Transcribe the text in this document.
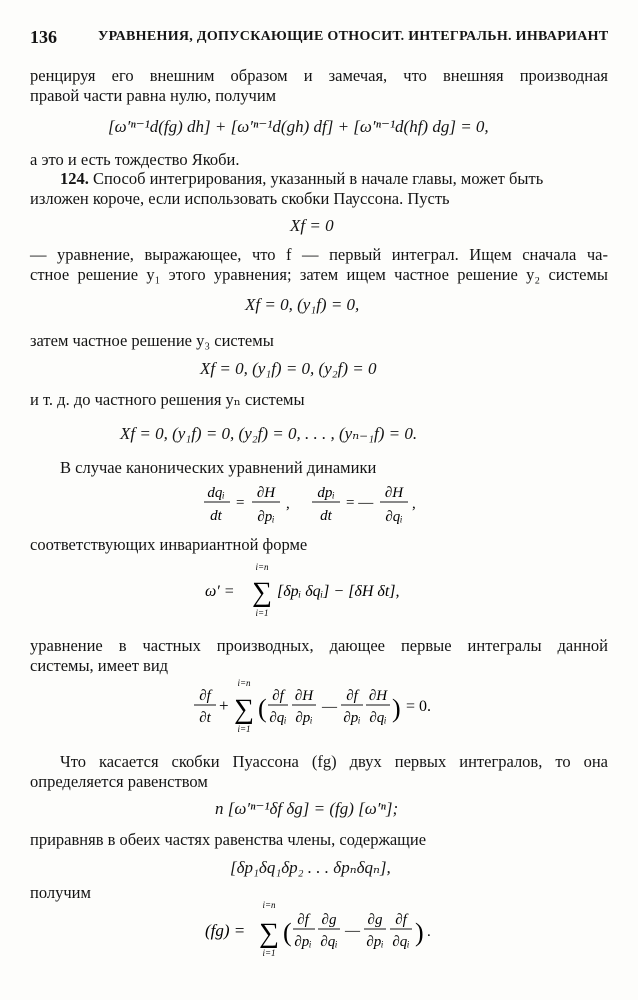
136	УРАВНЕНИЯ, ДОПУСКАЮЩИЕ ОТНОСИТ. ИНТЕГРАЛЬН. ИНВАРИАНТ
ренцируя его внешним образом и замечая, что внешняя производная
правой части равна нулю, получим
[ω′ⁿ⁻¹d(fg) dh] + [ω′ⁿ⁻¹d(gh) df] + [ω′ⁿ⁻¹d(hf) dg] = 0,
а это и есть тождество Якоби.
124. Способ интегрирования, указанный в начале главы, может быть
изложен короче, если использовать скобки Пауссона. Пусть
Xf = 0
— уравнение, выражающее, что f — первый интеграл. Ищем сначала ча-
стное решение y₁ этого уравнения; затем ищем частное решение y₂ системы
Xf = 0, (y₁f) = 0,
затем частное решение y₃ системы
Xf = 0, (y₁f) = 0, (y₂f) = 0
и т. д. до частного решения yₙ системы
Xf = 0, (y₁f) = 0, (y₂f) = 0, . . . , (yₙ₋₁f) = 0.
В случае канонических уравнений динамики
dqᵢ
dt
=
∂H
∂pᵢ
,
dpᵢ
dt
= —
∂H
∂qᵢ
,
соответствующих инвариантной форме
ω′ =
i=n
∑
i=1
[δpᵢ δqᵢ] − [δH δt],
уравнение в частных производных, дающее первые интегралы данной
системы, имеет вид
∂f
∂t
+
i=n
∑
i=1
( ∂f
∂qᵢ
∂H
∂pᵢ
—
∂f
∂pᵢ
∂H
∂qᵢ ) = 0.
Что касается скобки Пуассона (fg) двух первых интегралов, то она
определяется равенством
n [ω′ⁿ⁻¹δf δg] = (fg) [ω′ⁿ];
приравняв в обеих частях равенства члены, содержащие
[δp₁δq₁δp₂ . . . δpₙδqₙ],
получим
(fg) =
i=n
∑
i=1
( ∂f
∂pᵢ
∂g
∂qᵢ
—
∂g
∂pᵢ
∂f
∂qᵢ ) .
